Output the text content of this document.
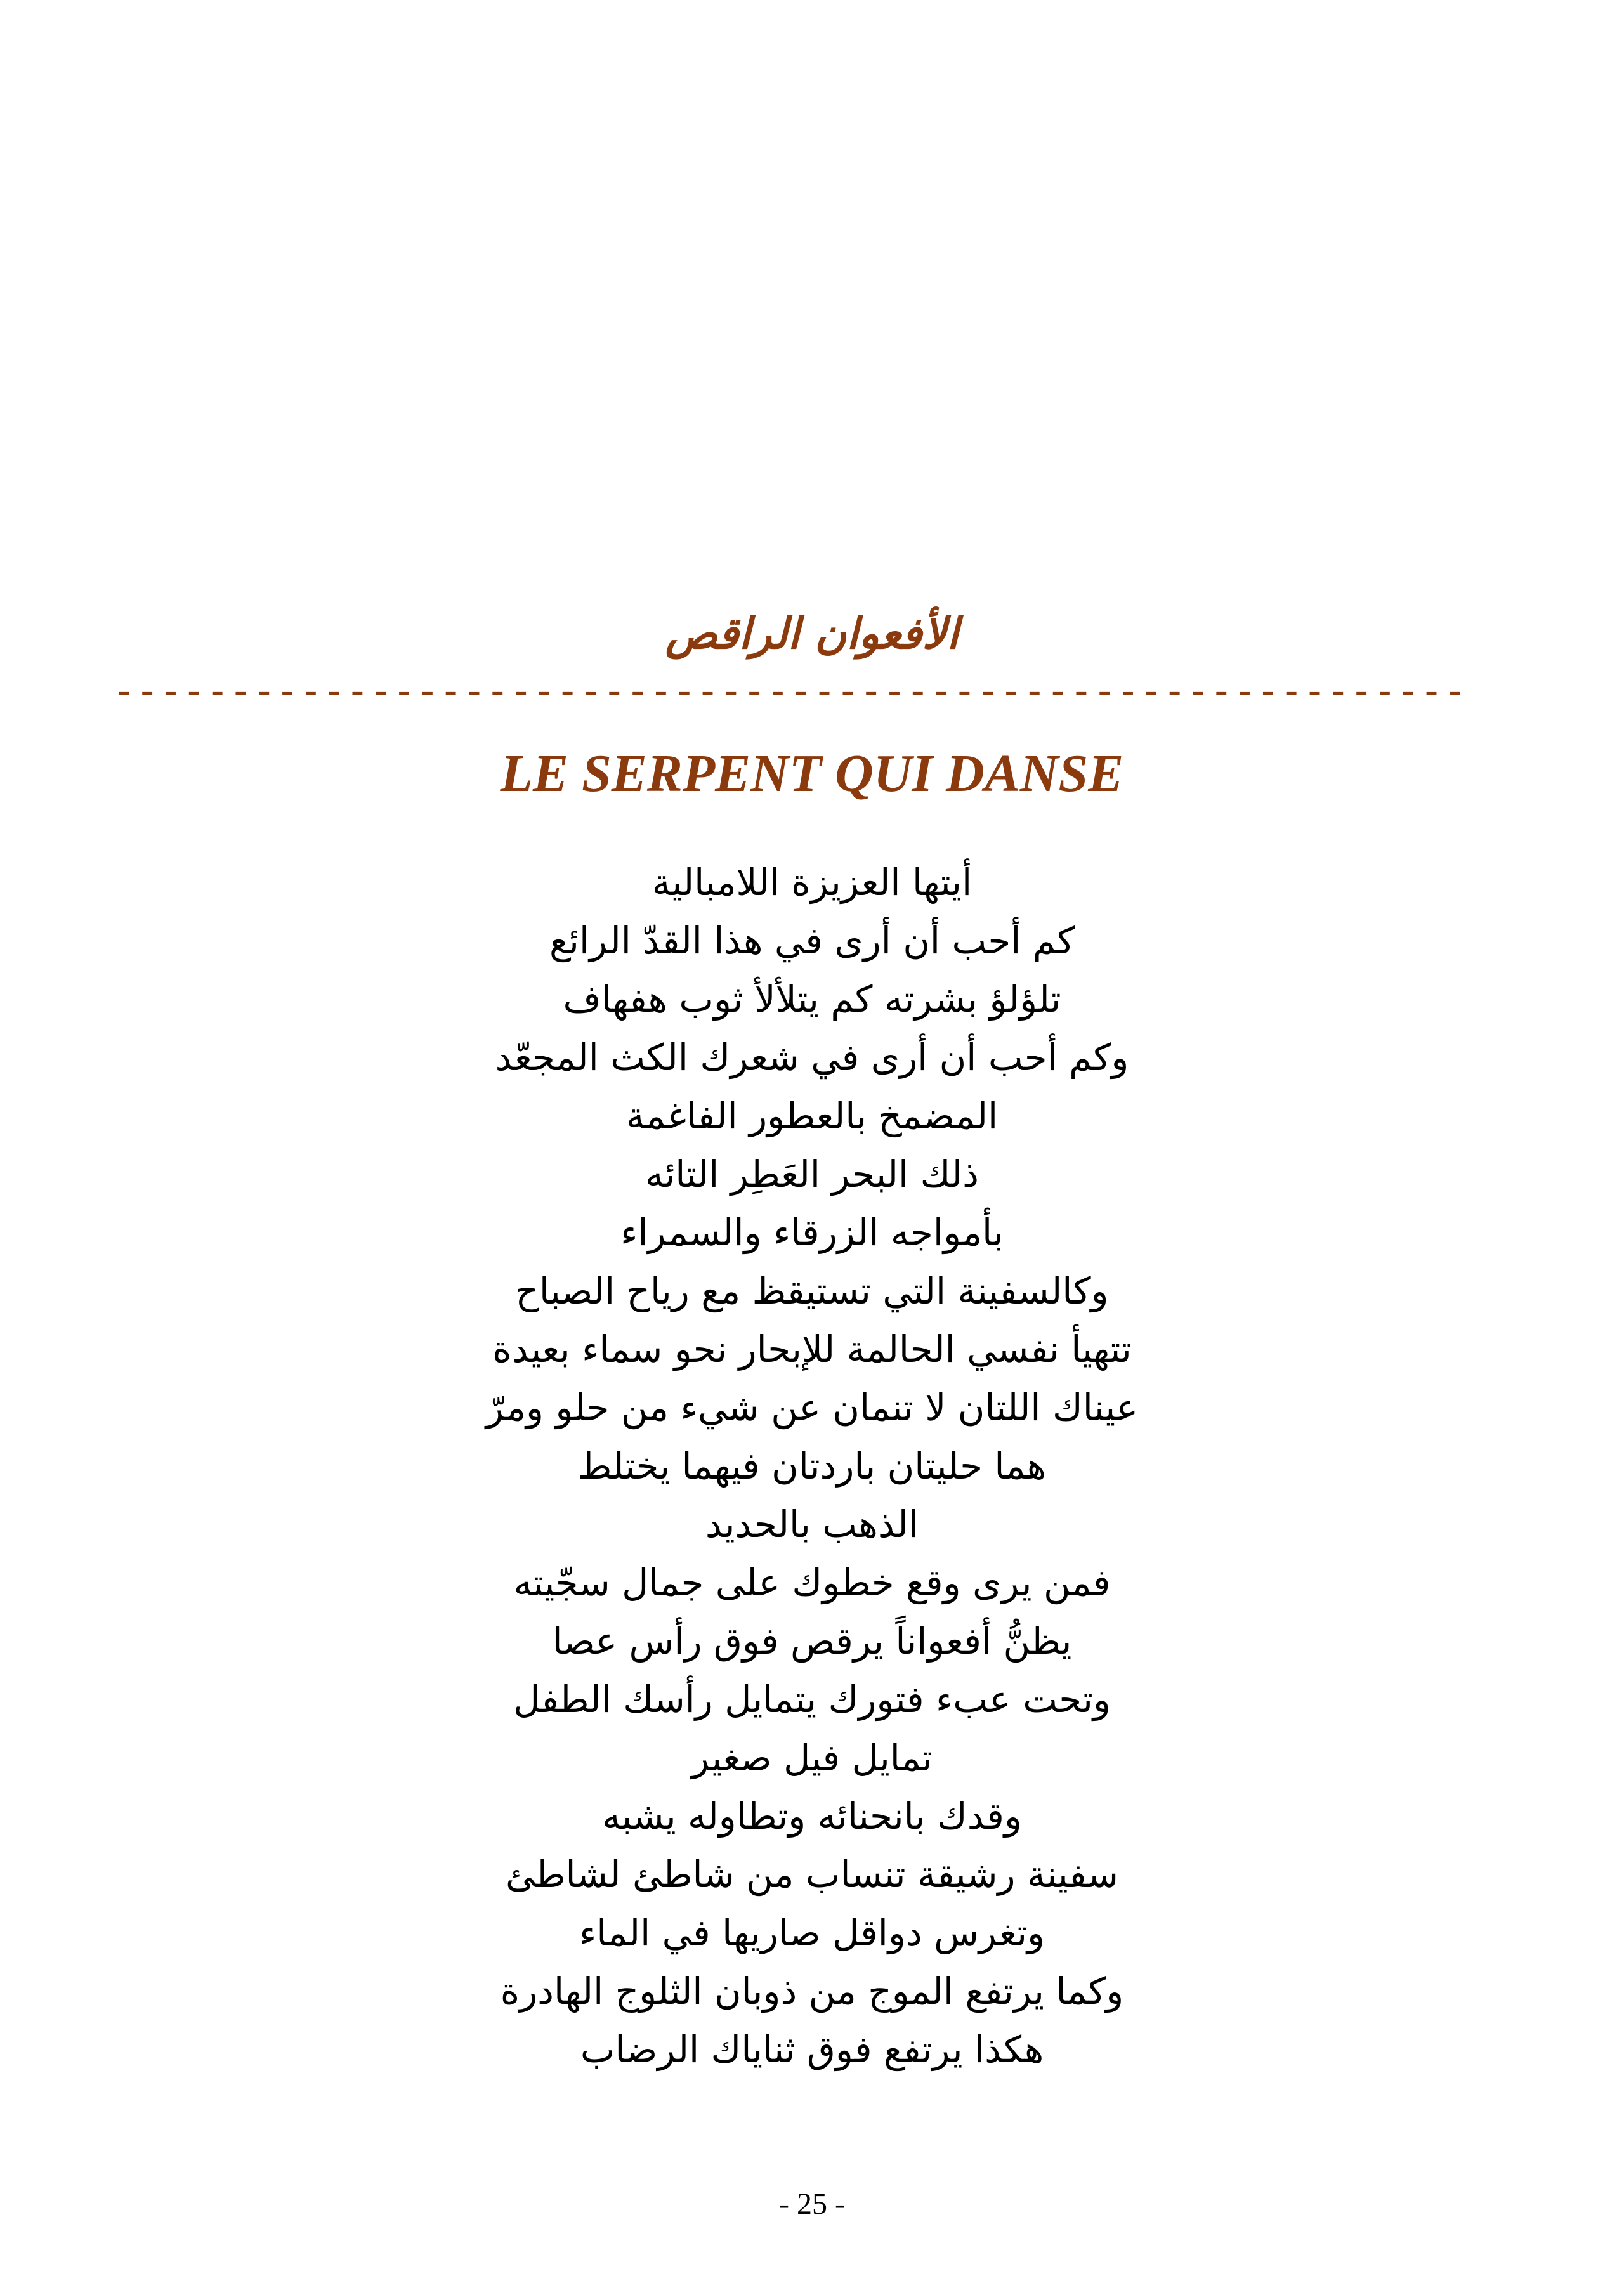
الأفعوان الراقص
----------------------------------------------------------
LE SERPENT QUI DANSE
أيتها العزيزة اللامبالية
كم أحب أن أرى في هذا القدّ الرائع
تلؤلؤ بشرته كم يتلألأ ثوب هفهاف
وكم أحب أن أرى في شعرك الكث المجعّد
المضمخ بالعطور الفاغمة
ذلك البحر العَطِر التائه
بأمواجه الزرقاء والسمراء
وكالسفينة التي تستيقظ مع رياح الصباح
تتهيأ نفسي الحالمة للإبحار نحو سماء بعيدة
عيناك اللتان لا تنمان عن شيء من حلو ومرّ
هما حليتان باردتان فيهما يختلط
الذهب بالحديد
فمن يرى وقع خطوك على جمال سجّيته
يظنُّ أفعواناً يرقص فوق رأس عصا
وتحت عبء فتورك يتمايل رأسك الطفل
تمايل فيل صغير
وقدك بانحنائه وتطاوله يشبه
سفينة رشيقة تنساب من شاطئ لشاطئ
وتغرس دواقل صاريها في الماء
وكما يرتفع الموج من ذوبان الثلوج الهادرة
هكذا يرتفع فوق ثناياك الرضاب
- 25 -
